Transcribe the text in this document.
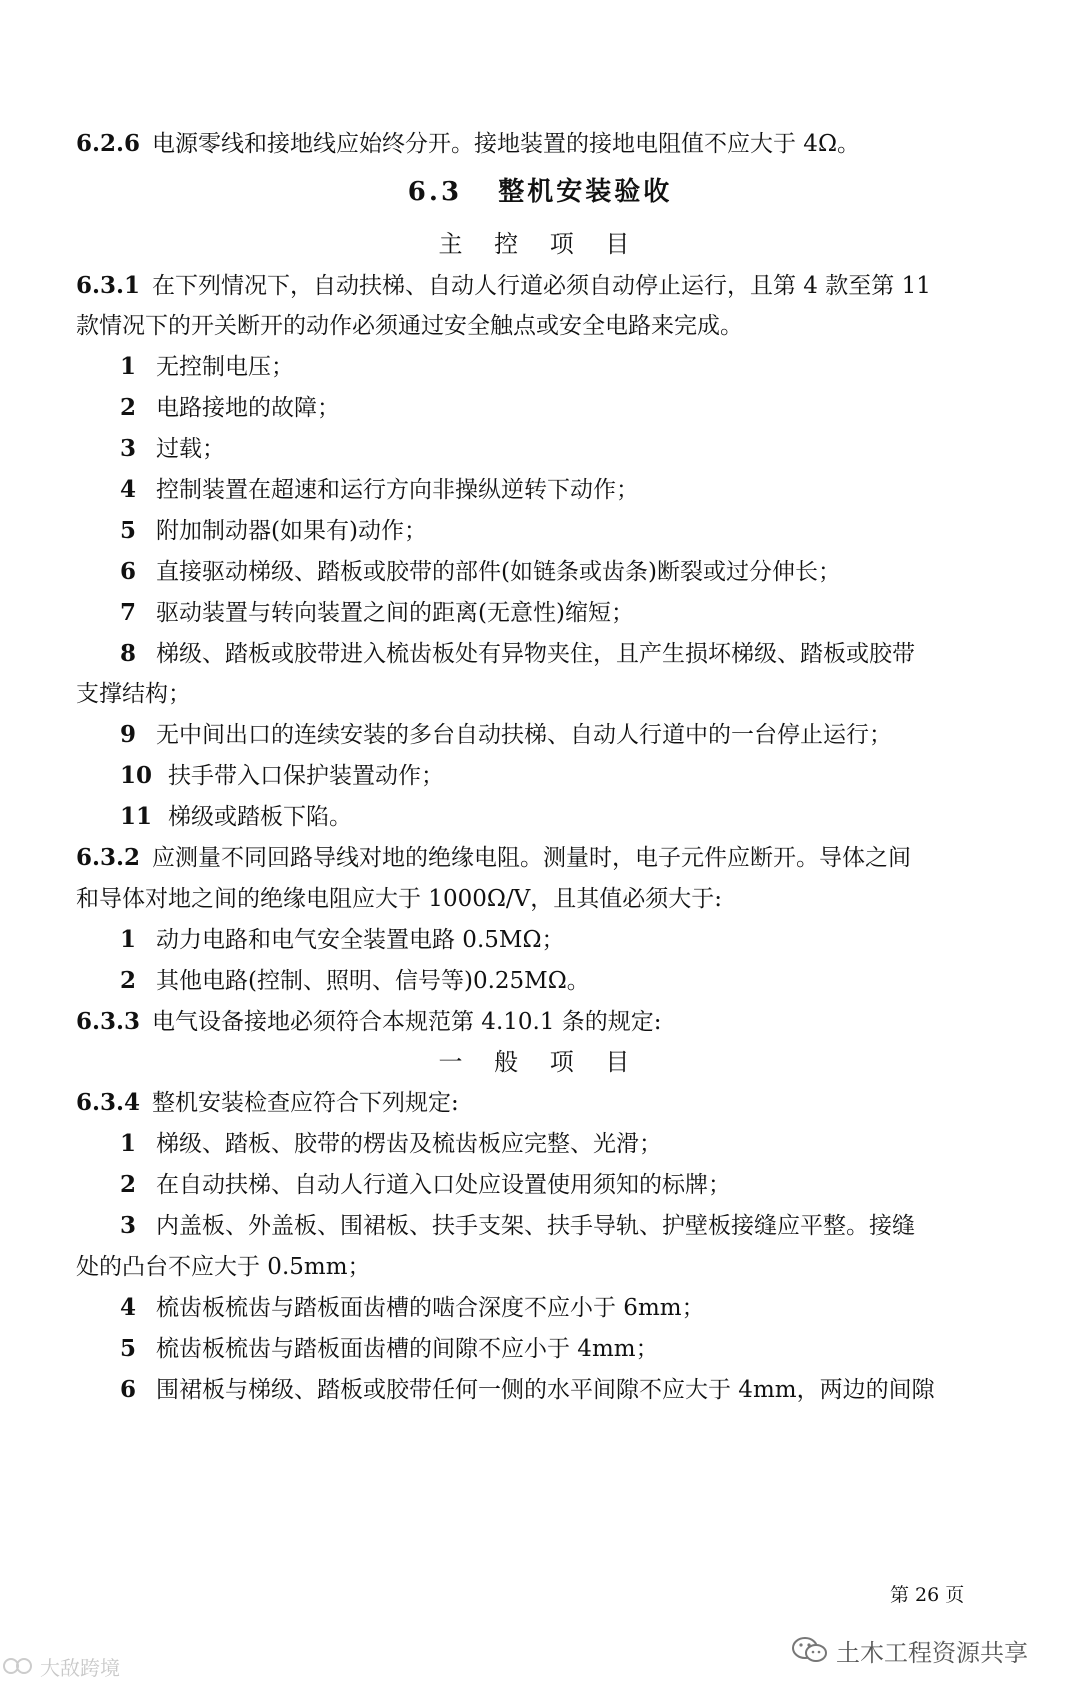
6.2.6 电源零线和接地线应始终分开。接地装置的接地电阻值不应大于 4Ω。
6.3 整机安装验收
主 控 项 目
6.3.1 在下列情况下，自动扶梯、自动人行道必须自动停止运行，且第 4 款至第 11
款情况下的开关断开的动作必须通过安全触点或安全电路来完成。
1 无控制电压；
2 电路接地的故障；
3 过载；
4 控制装置在超速和运行方向非操纵逆转下动作；
5 附加制动器(如果有)动作；
6 直接驱动梯级、踏板或胶带的部件(如链条或齿条)断裂或过分伸长；
7 驱动装置与转向装置之间的距离(无意性)缩短；
8 梯级、踏板或胶带进入梳齿板处有异物夹住，且产生损坏梯级、踏板或胶带
支撑结构；
9 无中间出口的连续安装的多台自动扶梯、自动人行道中的一台停止运行；
10 扶手带入口保护装置动作；
11 梯级或踏板下陷。
6.3.2 应测量不同回路导线对地的绝缘电阻。测量时，电子元件应断开。导体之间
和导体对地之间的绝缘电阻应大于 1000Ω/V，且其值必须大于:
1 动力电路和电气安全装置电路 0.5MΩ；
2 其他电路(控制、照明、信号等)0.25MΩ。
6.3.3 电气设备接地必须符合本规范第 4.10.1 条的规定:
一 般 项 目
6.3.4 整机安装检查应符合下列规定:
1 梯级、踏板、胶带的楞齿及梳齿板应完整、光滑；
2 在自动扶梯、自动人行道入口处应设置使用须知的标牌；
3 内盖板、外盖板、围裙板、扶手支架、扶手导轨、护壁板接缝应平整。接缝
处的凸台不应大于 0.5mm；
4 梳齿板梳齿与踏板面齿槽的啮合深度不应小于 6mm；
5 梳齿板梳齿与踏板面齿槽的间隙不应小于 4mm；
6 围裙板与梯级、踏板或胶带任何一侧的水平间隙不应大于 4mm，两边的间隙
第 26 页
土木工程资源共享
大敌跨境
